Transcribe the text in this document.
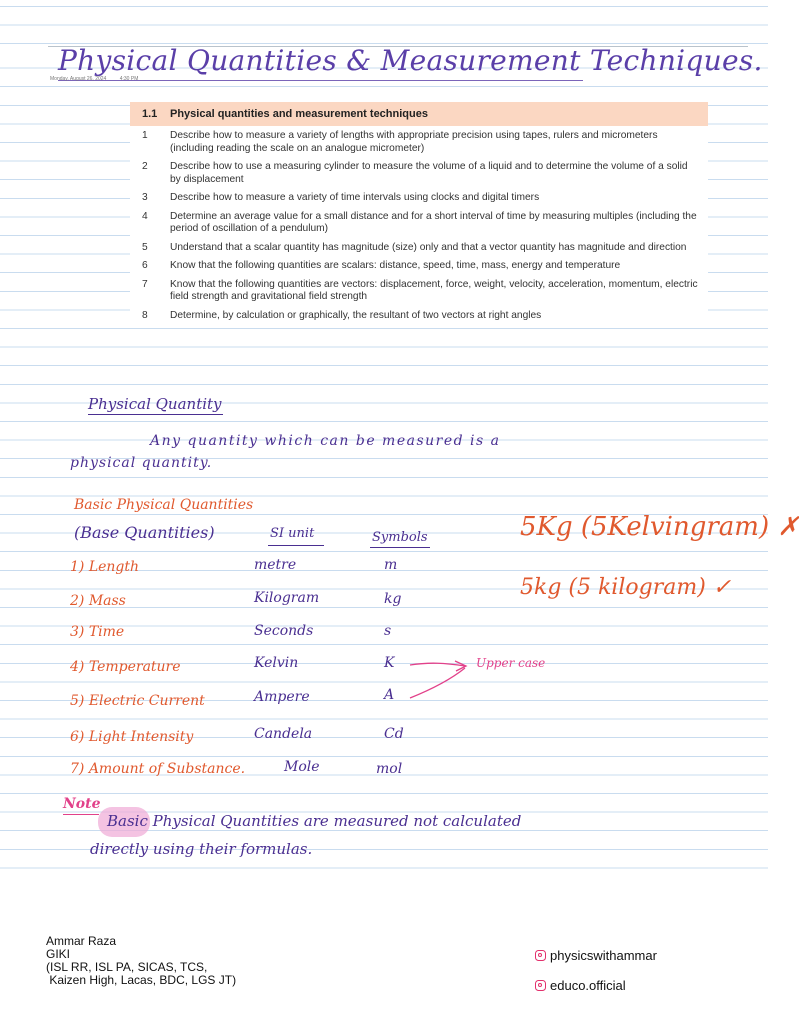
Physical Quantities & Measurement Techniques.
Monday, August 26, 2024	4:30 PM
1.1	Physical quantities and measurement techniques
1	Describe how to measure a variety of lengths with appropriate precision using tapes, rulers and micrometers (including reading the scale on an analogue micrometer)
2	Describe how to use a measuring cylinder to measure the volume of a liquid and to determine the volume of a solid by displacement
3	Describe how to measure a variety of time intervals using clocks and digital timers
4	Determine an average value for a small distance and for a short interval of time by measuring multiples (including the period of oscillation of a pendulum)
5	Understand that a scalar quantity has magnitude (size) only and that a vector quantity has magnitude and direction
6	Know that the following quantities are scalars: distance, speed, time, mass, energy and temperature
7	Know that the following quantities are vectors: displacement, force, weight, velocity, acceleration, momentum, electric field strength and gravitational field strength
8	Determine, by calculation or graphically, the resultant of two vectors at right angles
Physical Quantity
Any quantity which can be measured is a
physical quantity.
Basic Physical Quantities
(Base Quantities)	SI unit	Symbols
1) Length	metre	m
2) Mass	Kilogram	kg
3) Time	Seconds	s
4) Temperature	Kelvin	K
5) Electric Current	Ampere	A
6) Light Intensity	Candela	Cd
7) Amount of Substance.	Mole	mol
5Kg (5Kelvingram) ✗
5kg (5 kilogram) ✓
Upper case
Note
Basic Physical Quantities are measured not calculated
directly using their formulas.
Ammar Raza
GIKI
(ISL RR, ISL PA, SICAS, TCS,
Kaizen High, Lacas, BDC, LGS JT)
physicswithammar
educo.official
